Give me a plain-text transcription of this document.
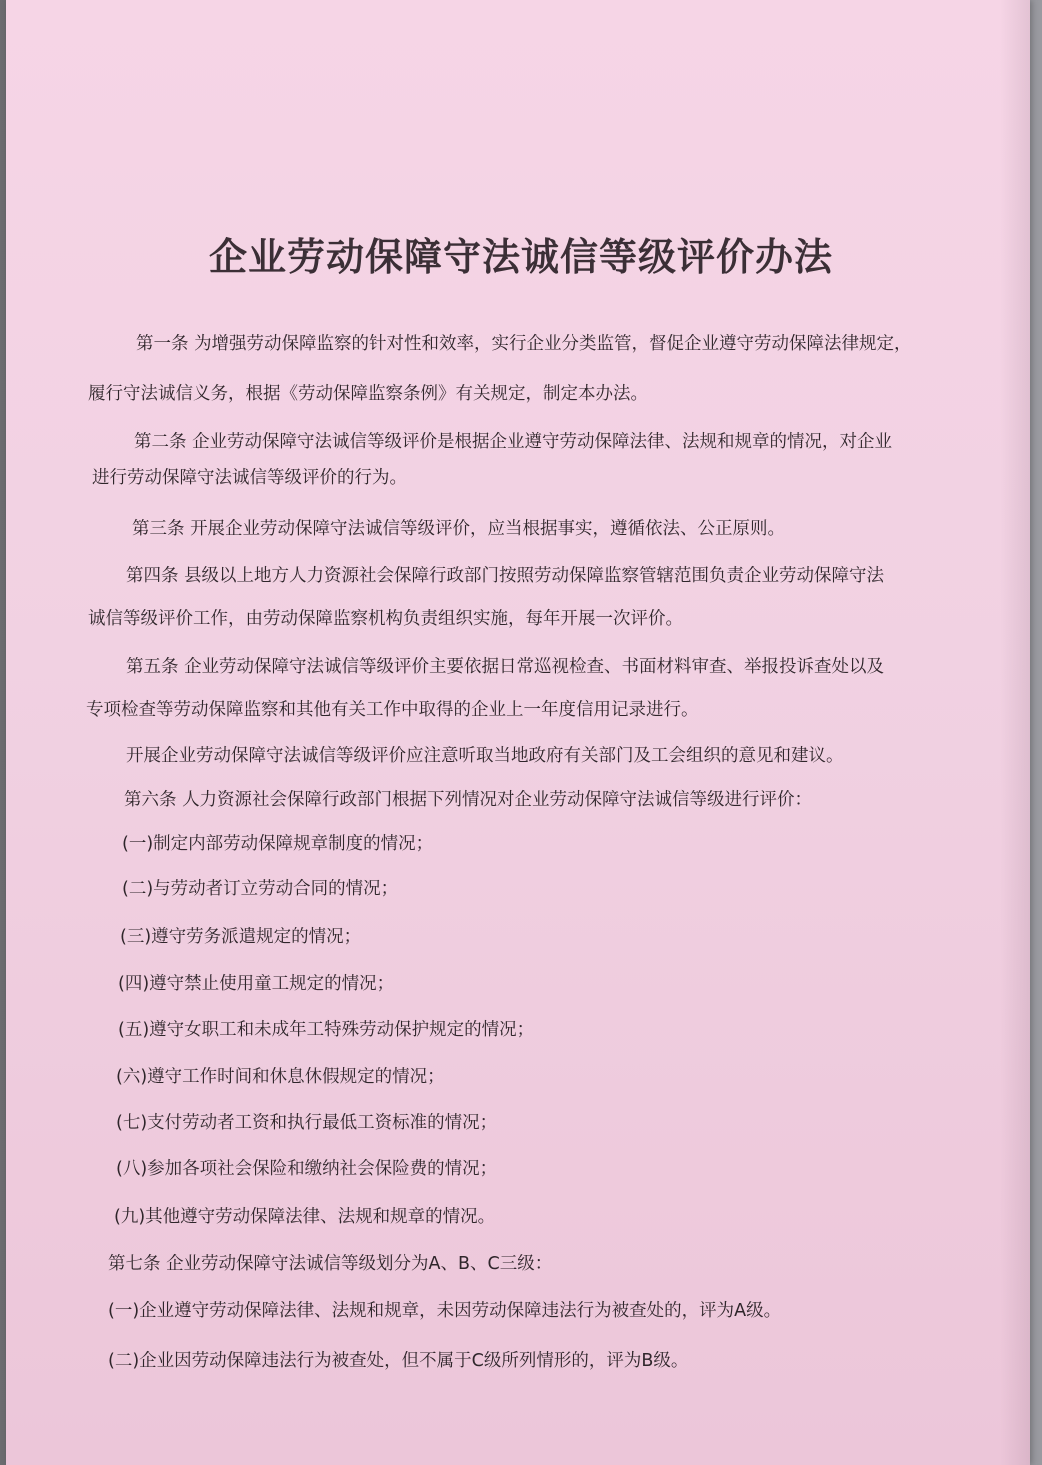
企业劳动保障守法诚信等级评价办法

第一条 为增强劳动保障监察的针对性和效率，实行企业分类监管，督促企业遵守劳动保障法律规定，

履行守法诚信义务，根据《劳动保障监察条例》有关规定，制定本办法。

第二条 企业劳动保障守法诚信等级评价是根据企业遵守劳动保障法律、法规和规章的情况，对企业

进行劳动保障守法诚信等级评价的行为。

第三条 开展企业劳动保障守法诚信等级评价，应当根据事实，遵循依法、公正原则。

第四条 县级以上地方人力资源社会保障行政部门按照劳动保障监察管辖范围负责企业劳动保障守法

诚信等级评价工作，由劳动保障监察机构负责组织实施，每年开展一次评价。

第五条 企业劳动保障守法诚信等级评价主要依据日常巡视检查、书面材料审查、举报投诉查处以及

专项检查等劳动保障监察和其他有关工作中取得的企业上一年度信用记录进行。

开展企业劳动保障守法诚信等级评价应注意听取当地政府有关部门及工会组织的意见和建议。

第六条 人力资源社会保障行政部门根据下列情况对企业劳动保障守法诚信等级进行评价：

(一)制定内部劳动保障规章制度的情况；

(二)与劳动者订立劳动合同的情况；

(三)遵守劳务派遣规定的情况；

(四)遵守禁止使用童工规定的情况；

(五)遵守女职工和未成年工特殊劳动保护规定的情况；

(六)遵守工作时间和休息休假规定的情况；

(七)支付劳动者工资和执行最低工资标准的情况；

(八)参加各项社会保险和缴纳社会保险费的情况；

(九)其他遵守劳动保障法律、法规和规章的情况。

第七条 企业劳动保障守法诚信等级划分为A、B、C三级：

(一)企业遵守劳动保障法律、法规和规章，未因劳动保障违法行为被查处的，评为A级。

(二)企业因劳动保障违法行为被查处，但不属于C级所列情形的，评为B级。
